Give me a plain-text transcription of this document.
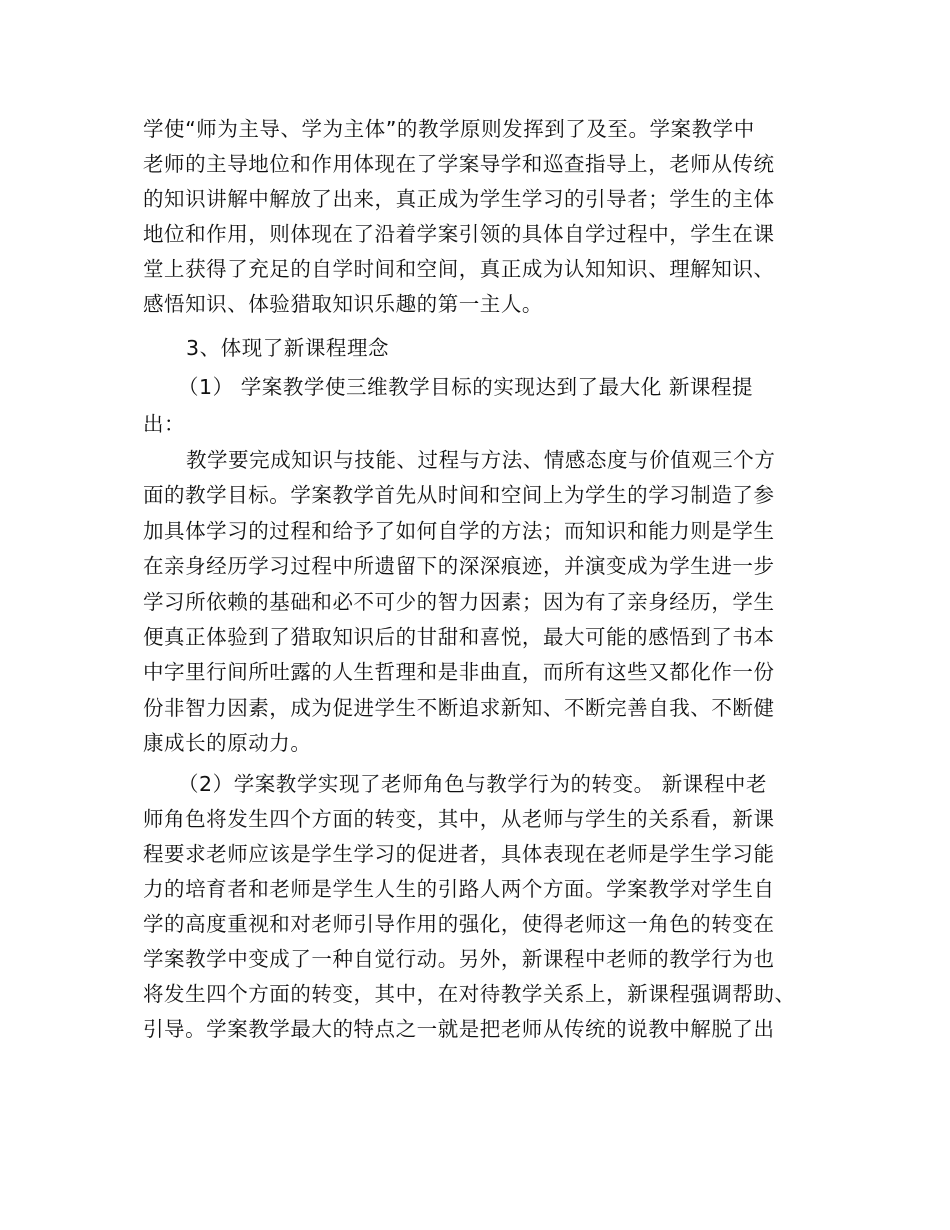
学使“师为主导、学为主体”的教学原则发挥到了及至。学案教学中
老师的主导地位和作用体现在了学案导学和巡查指导上，老师从传统
的知识讲解中解放了出来，真正成为学生学习的引导者；学生的主体
地位和作用，则体现在了沿着学案引领的具体自学过程中，学生在课
堂上获得了充足的自学时间和空间，真正成为认知知识、理解知识、
感悟知识、体验猎取知识乐趣的第一主人。
3、体现了新课程理念
（1） 学案教学使三维教学目标的实现达到了最大化 新课程提
出：
教学要完成知识与技能、过程与方法、情感态度与价值观三个方
面的教学目标。学案教学首先从时间和空间上为学生的学习制造了参
加具体学习的过程和给予了如何自学的方法；而知识和能力则是学生
在亲身经历学习过程中所遗留下的深深痕迹，并演变成为学生进一步
学习所依赖的基础和必不可少的智力因素；因为有了亲身经历，学生
便真正体验到了猎取知识后的甘甜和喜悦，最大可能的感悟到了书本
中字里行间所吐露的人生哲理和是非曲直，而所有这些又都化作一份
份非智力因素，成为促进学生不断追求新知、不断完善自我、不断健
康成长的原动力。
（2）学案教学实现了老师角色与教学行为的转变。 新课程中老
师角色将发生四个方面的转变，其中，从老师与学生的关系看，新课
程要求老师应该是学生学习的促进者，具体表现在老师是学生学习能
力的培育者和老师是学生人生的引路人两个方面。学案教学对学生自
学的高度重视和对老师引导作用的强化，使得老师这一角色的转变在
学案教学中变成了一种自觉行动。另外，新课程中老师的教学行为也
将发生四个方面的转变，其中，在对待教学关系上，新课程强调帮助、
引导。学案教学最大的特点之一就是把老师从传统的说教中解脱了出
